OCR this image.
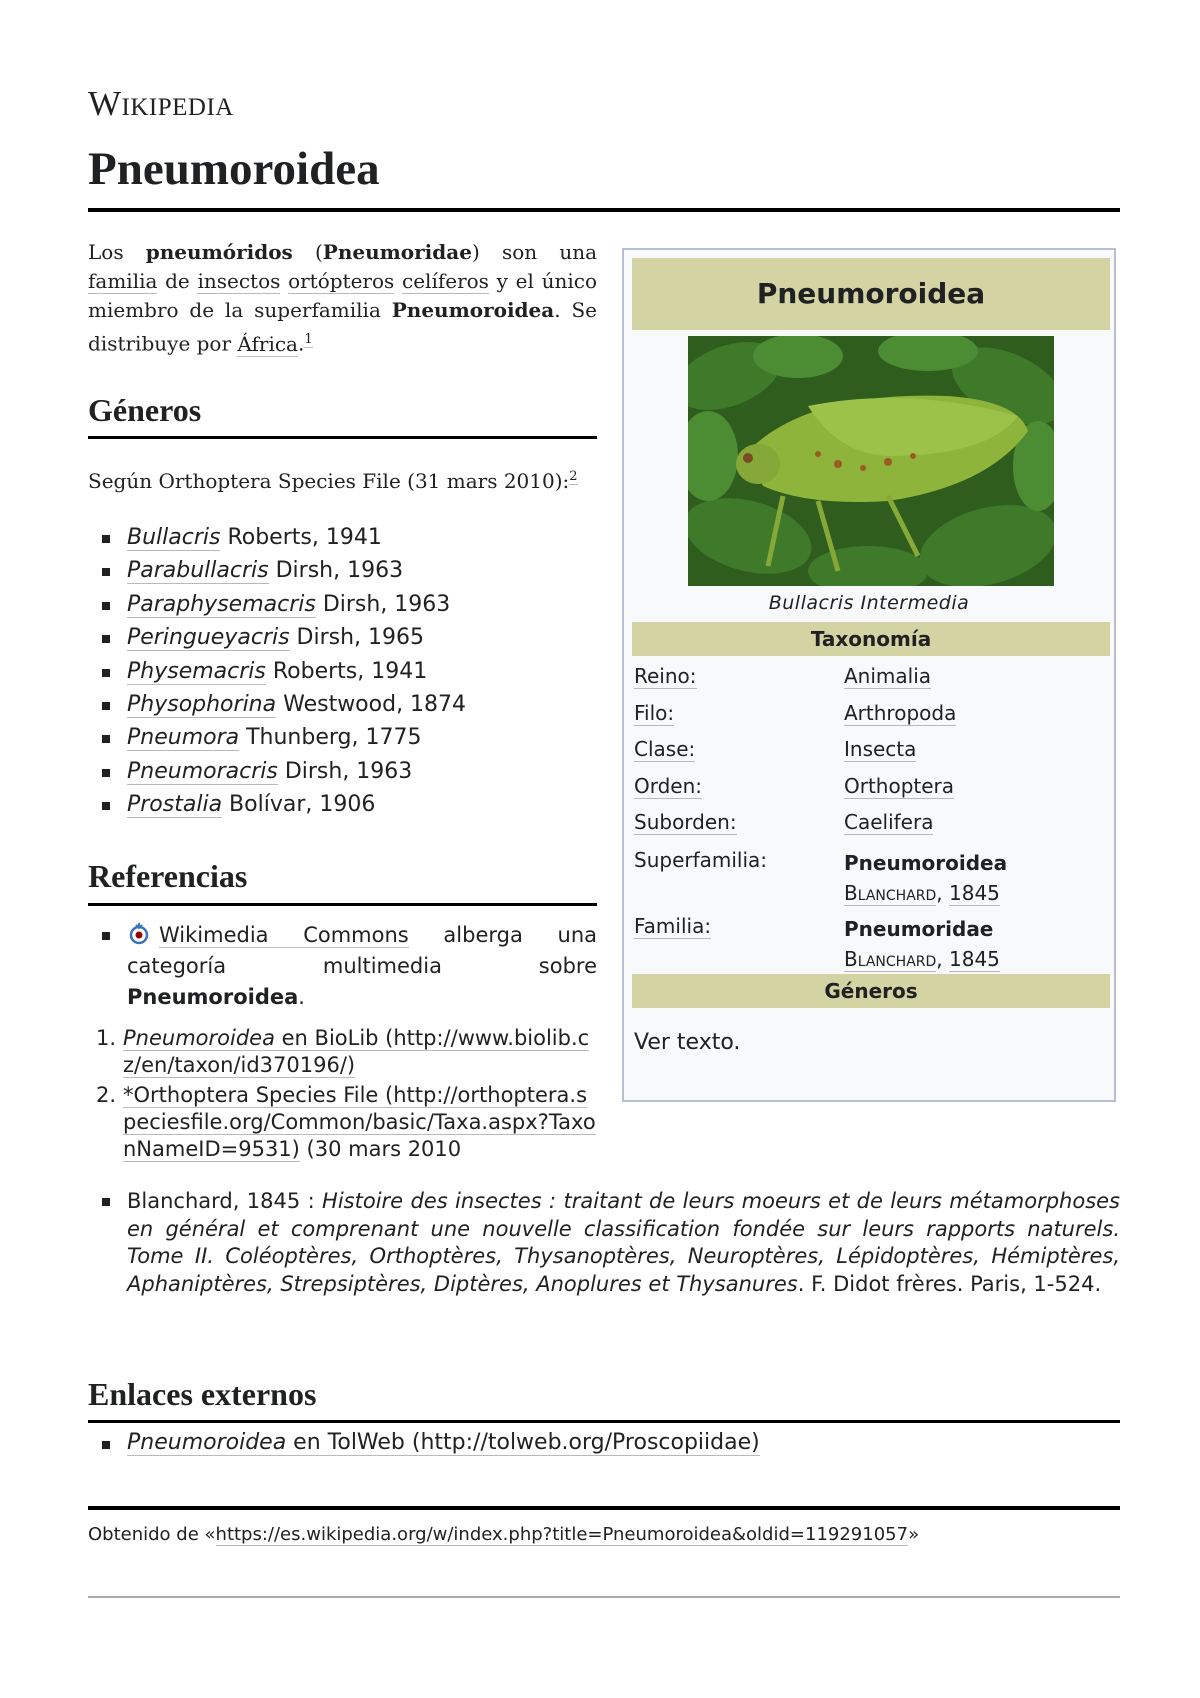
Wikipedia
Pneumoroidea

Los pneumóridos (Pneumoridae) son una familia de insectos ortópteros celíferos y el único miembro de la superfamilia Pneumoroidea. Se distribuye por África.$^1$

Géneros

Según Orthoptera Species File (31 mars 2010):$^2$

Bullacris Roberts, 1941
Parabullacris Dirsh, 1963
Paraphysemacris Dirsh, 1963
Peringueyacris Dirsh, 1965
Physemacris Roberts, 1941
Physophorina Westwood, 1874
Pneumora Thunberg, 1775
Pneumoracris Dirsh, 1963
Prostalia Bolívar, 1906
Referencias
Wikimedia Commons alberga una categoría multimedia sobre Pneumoroidea.
1. Pneumoroidea en BioLib (http://www.biolib.cz/en/taxon/id370196/)
2. *Orthoptera Species File (http://orthoptera.speciesfile.org/Common/basic/Taxa.aspx?TaxonNameID=9531) (30 mars 2010
Blanchard, 1845 : Histoire des insectes : traitant de leurs moeurs et de leurs métamorphoses en général et comprenant une nouvelle classification fondée sur leurs rapports naturels. Tome II. Coléoptères, Orthoptères, Thysanoptères, Neuroptères, Lépidoptères, Hémiptères, Aphaniptères, Strepsiptères, Diptères, Anoplures et Thysanures. F. Didot frères. Paris, 1-524.
Enlaces externos
Pneumoroidea en TolWeb (http://tolweb.org/Proscopiidae)
Obtenido de «https://es.wikipedia.org/w/index.php?title=Pneumoroidea&oldid=119291057»
Pneumoroidea
Bullacris Intermedia
Taxonomía
Reino:	Animalia
Filo:	Arthropoda
Clase:	Insecta
Orden:	Orthoptera
Suborden:	Caelifera
Superfamilia:	Pneumoroidea
Blanchard, 1845
Familia:	Pneumoridae
Blanchard, 1845
Géneros
Ver texto.
